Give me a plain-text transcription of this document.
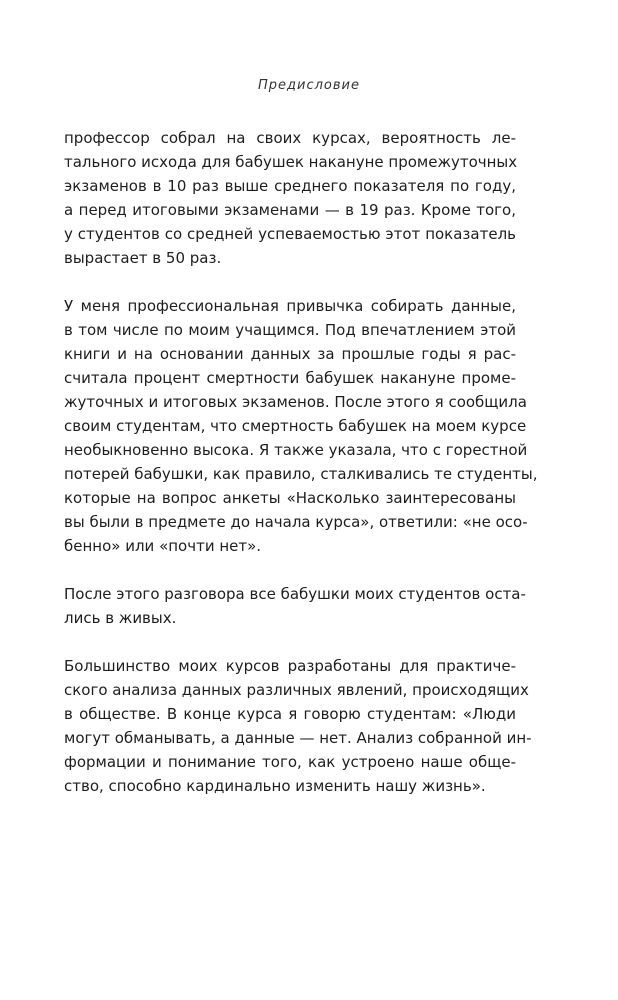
Предисловие

профессор собрал на своих курсах, вероятность ле-
тального исхода для бабушек накануне промежуточных
экзаменов в 10 раз выше среднего показателя по году,
а перед итоговыми экзаменами — в 19 раз. Кроме того,
у студентов со средней успеваемостью этот показатель
вырастает в 50 раз.

У меня профессиональная привычка собирать данные,
в том числе по моим учащимся. Под впечатлением этой
книги и на основании данных за прошлые годы я рас-
считала процент смертности бабушек накануне проме-
жуточных и итоговых экзаменов. После этого я сообщила
своим студентам, что смертность бабушек на моем курсе
необыкновенно высока. Я также указала, что с горестной
потерей бабушки, как правило, сталкивались те студенты,
которые на вопрос анкеты «Насколько заинтересованы
вы были в предмете до начала курса», ответили: «не осо-
бенно» или «почти нет».

После этого разговора все бабушки моих студентов оста-
лись в живых.

Большинство моих курсов разработаны для практиче-
ского анализа данных различных явлений, происходящих
в обществе. В конце курса я говорю студентам: «Люди
могут обманывать, а данные — нет. Анализ собранной ин-
формации и понимание того, как устроено наше обще-
ство, способно кардинально изменить нашу жизнь».
